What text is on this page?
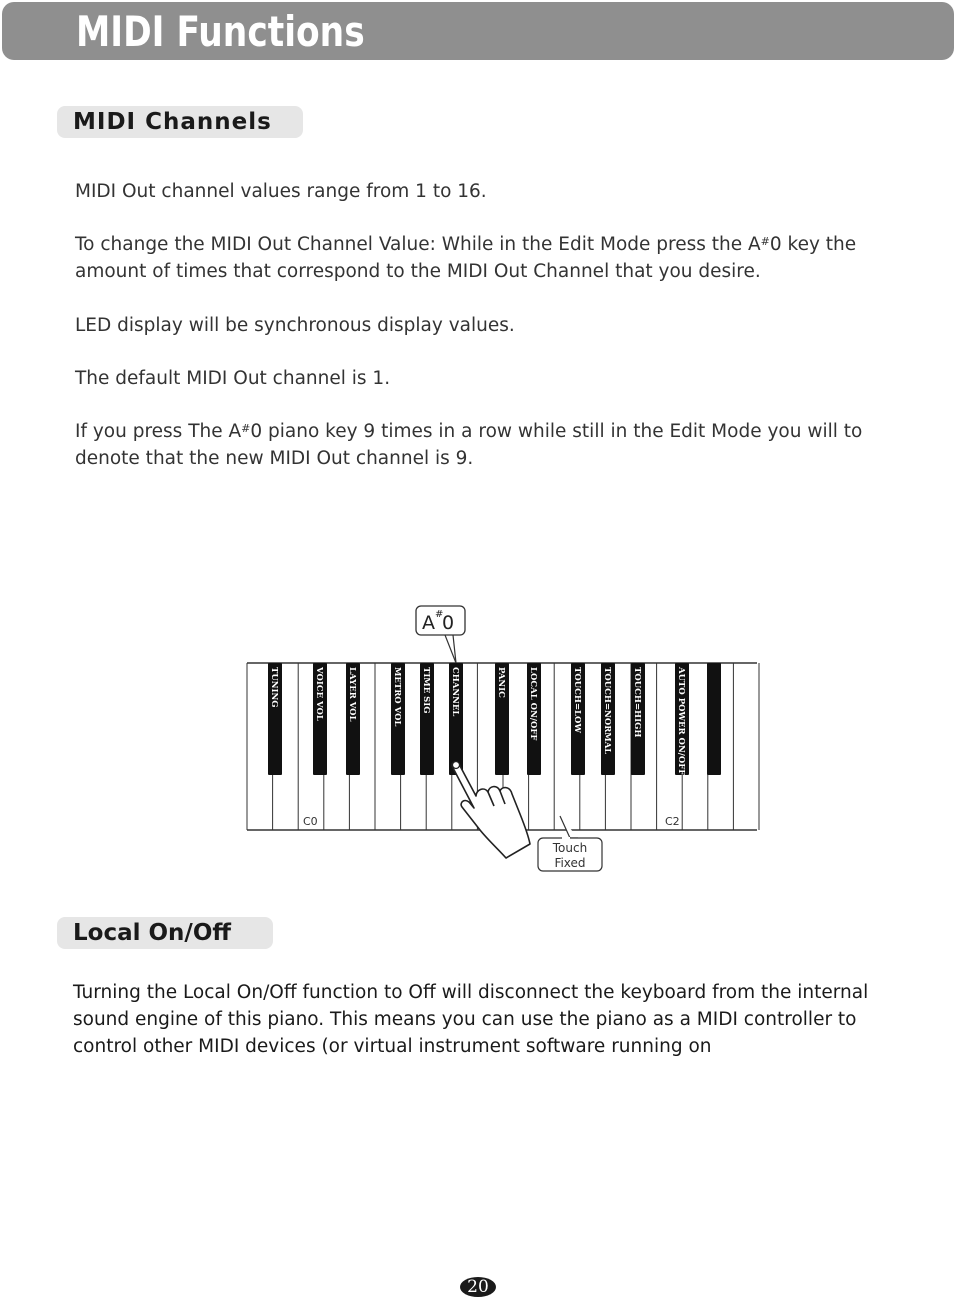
MIDI Functions
MIDI Channels

MIDI Out channel values range from 1 to 16.

To change the MIDI Out Channel Value: While in the Edit Mode press the A#0 key the amount of times that correspond to the MIDI Out Channel that you desire.

LED display will be synchronous display values.

The default MIDI Out channel is 1.

If you press The A#0 piano key 9 times in a row while still in the Edit Mode you will to denote that the new MIDI Out channel is 9.

TUNING	VOICE VOL	LAYER VOL	METRO VOL TIME SIG CHANNEL	PANIC	LOCAL ON/OFF	TOUCH=LOW TOUCH=NORMAL TOUCH=HIGH	AUTO POWER ON/OFF
C0	C2
A #
0
Touch
Fixed
Local On/Off

Turning the Local On/Off function to Off will disconnect the keyboard from the internal sound engine of this piano. This means you can use the piano as a MIDI controller to control other MIDI devices (or virtual instrument software running on

20
